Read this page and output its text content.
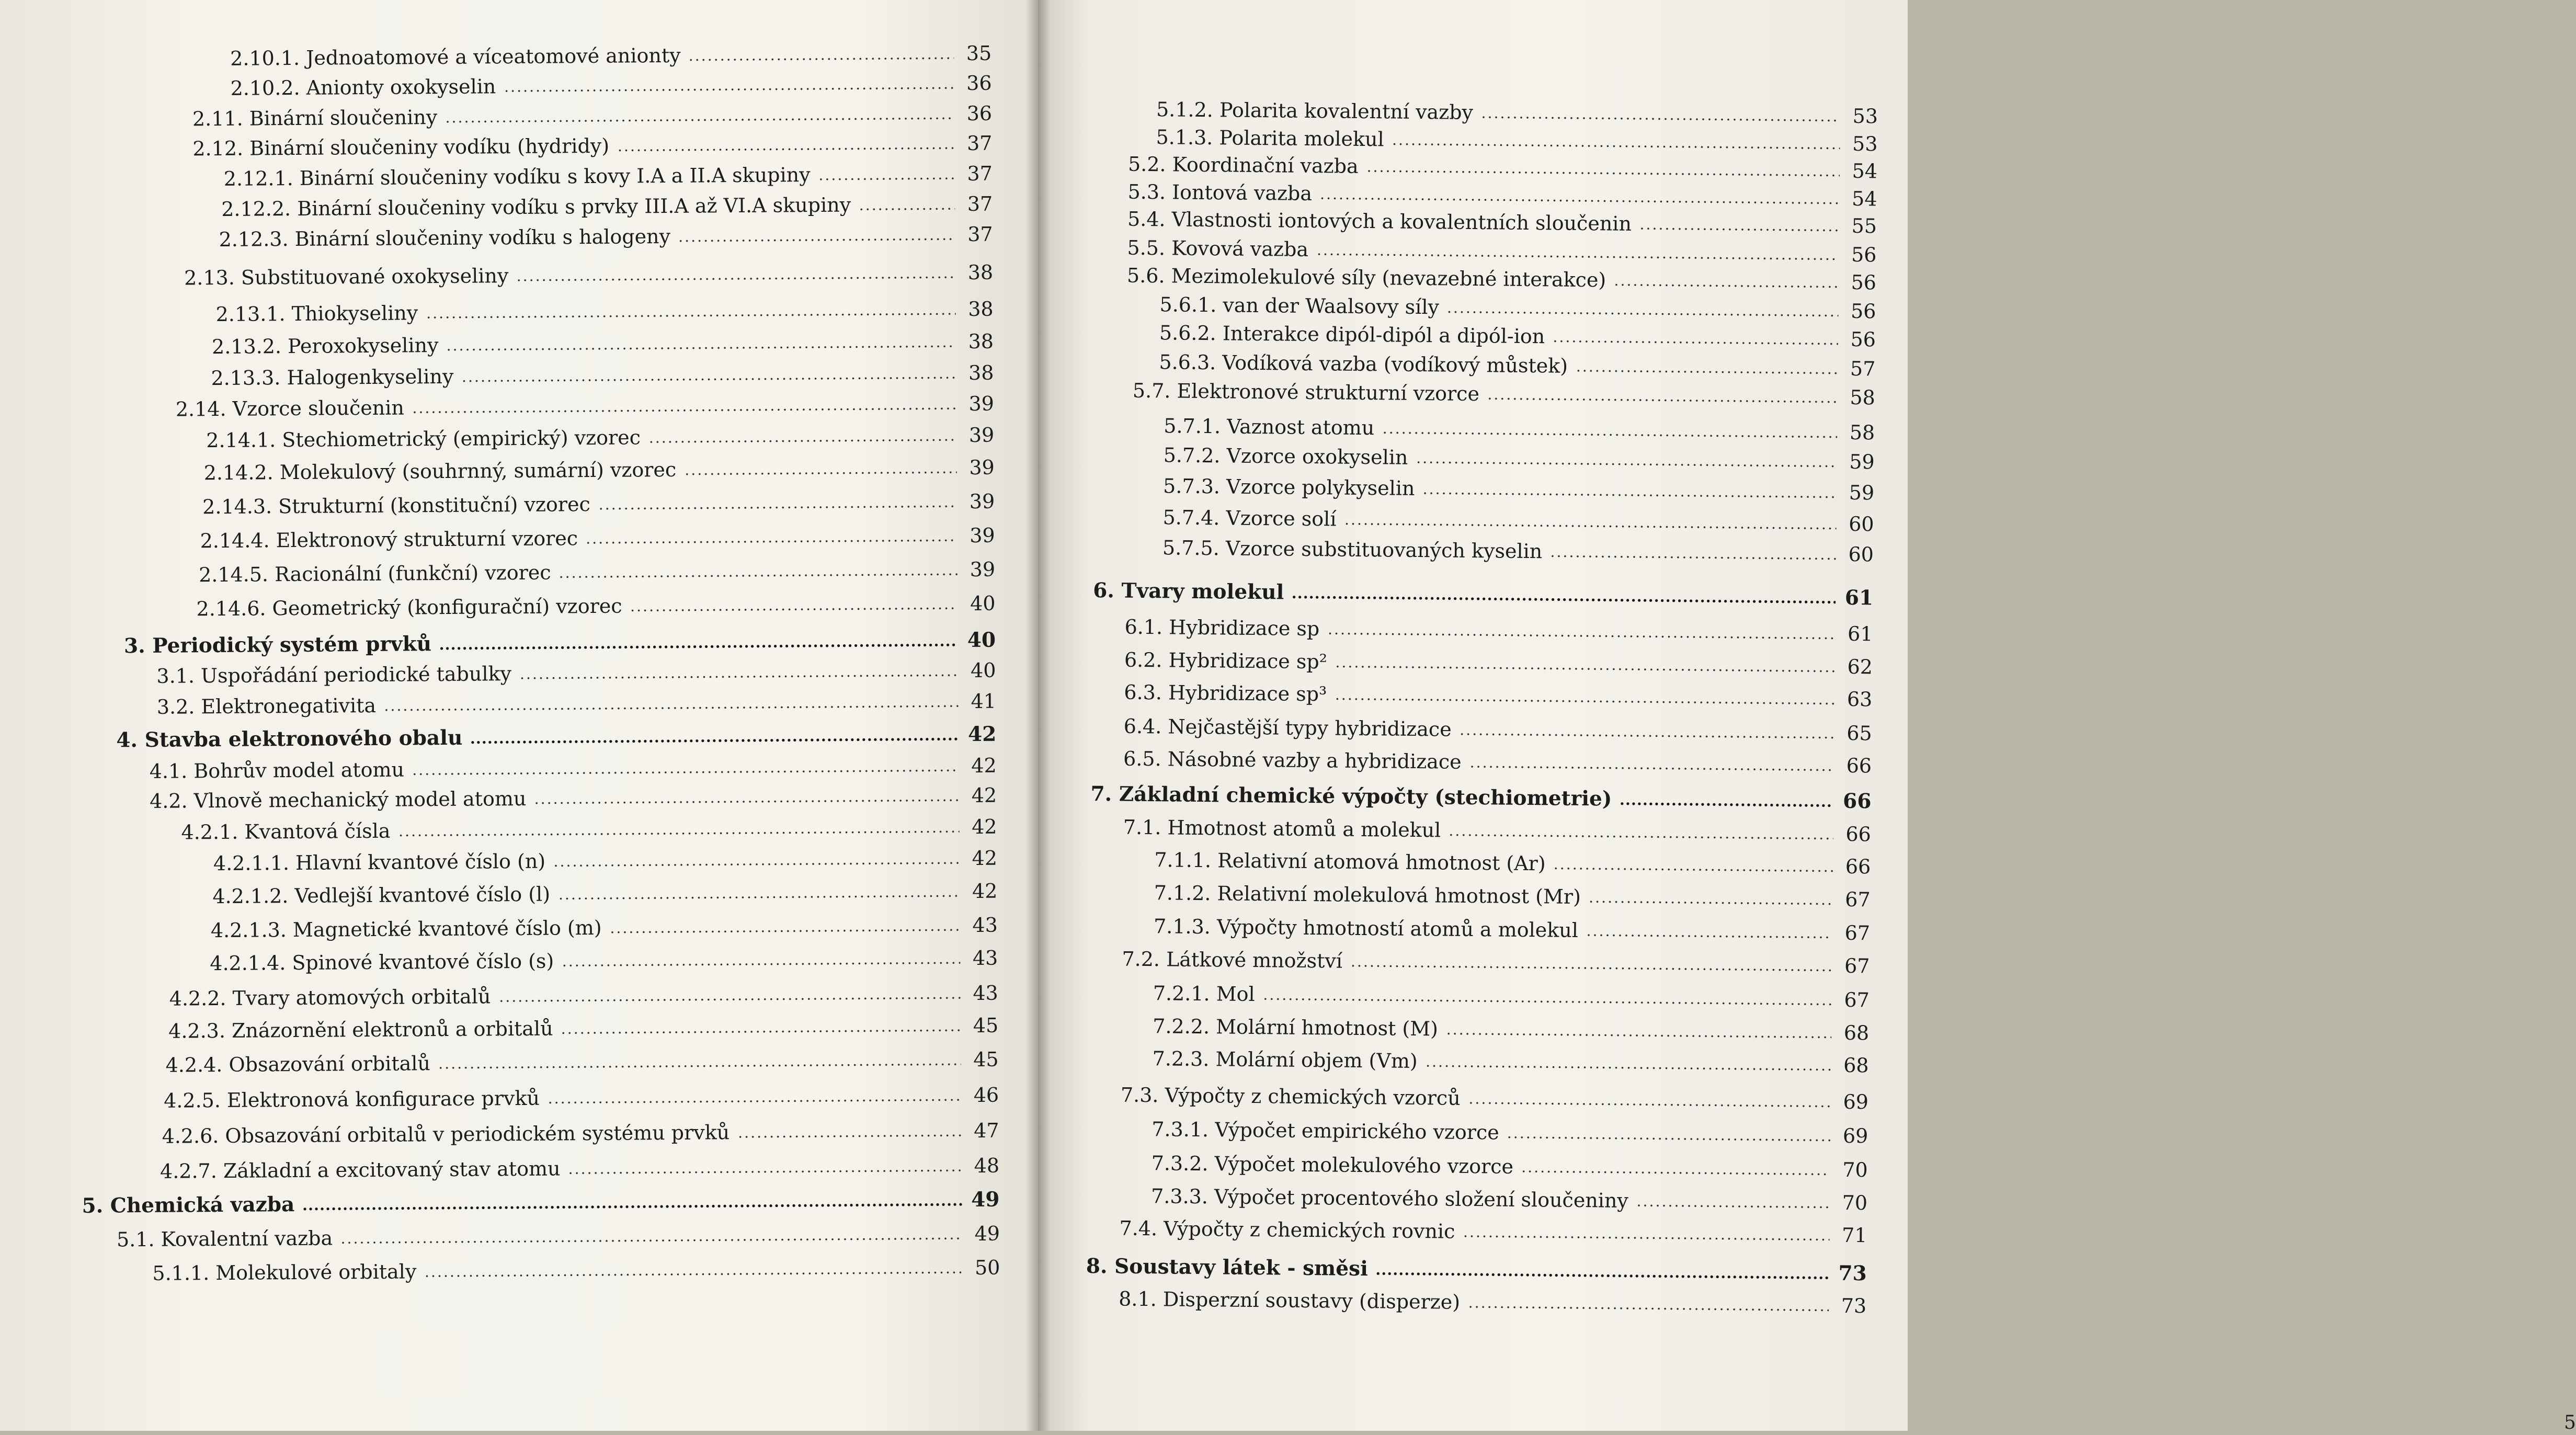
2.10.1. Jednoatomové a víceatomové anionty	35
2.10.2. Anionty oxokyselin	36
2.11. Binární sloučeniny	36
2.12. Binární sloučeniny vodíku (hydridy)	37
2.12.1. Binární sloučeniny vodíku s kovy I.A a II.A skupiny	37
2.12.2. Binární sloučeniny vodíku s prvky III.A až VI.A skupiny	37
2.12.3. Binární sloučeniny vodíku s halogeny	37
2.13. Substituované oxokyseliny	38
2.13.1. Thiokyseliny	38
2.13.2. Peroxokyseliny	38
2.13.3. Halogenkyseliny	38
2.14. Vzorce sloučenin	39
2.14.1. Stechiometrický (empirický) vzorec	39
2.14.2. Molekulový (souhrnný, sumární) vzorec	39
2.14.3. Strukturní (konstituční) vzorec	39
2.14.4. Elektronový strukturní vzorec	39
2.14.5. Racionální (funkční) vzorec	39
2.14.6. Geometrický (konfigurační) vzorec	40
3. Periodický systém prvků	40
3.1. Uspořádání periodické tabulky	40
3.2. Elektronegativita	41
4. Stavba elektronového obalu	42
4.1. Bohrův model atomu	42
4.2. Vlnově mechanický model atomu	42
4.2.1. Kvantová čísla	42
4.2.1.1. Hlavní kvantové číslo (n)	42
4.2.1.2. Vedlejší kvantové číslo (l)	42
4.2.1.3. Magnetické kvantové číslo (m)	43
4.2.1.4. Spinové kvantové číslo (s)	43
4.2.2. Tvary atomových orbitalů	43
4.2.3. Znázornění elektronů a orbitalů	45
4.2.4. Obsazování orbitalů	45
4.2.5. Elektronová konfigurace prvků	46
4.2.6. Obsazování orbitalů v periodickém systému prvků	47
4.2.7. Základní a excitovaný stav atomu	48
5. Chemická vazba	49
5.1. Kovalentní vazba	49
5.1.1. Molekulové orbitaly	50
5.1.2. Polarita kovalentní vazby	53
5.1.3. Polarita molekul	53
5.2. Koordinační vazba	54
5.3. Iontová vazba	54
5.4. Vlastnosti iontových a kovalentních sloučenin	55
5.5. Kovová vazba	56
5.6. Mezimolekulové síly (nevazebné interakce)	56
5.6.1. van der Waalsovy síly	56
5.6.2. Interakce dipól-dipól a dipól-ion	56
5.6.3. Vodíková vazba (vodíkový můstek)	57
5.7. Elektronové strukturní vzorce	58
5.7.1. Vaznost atomu	58
5.7.2. Vzorce oxokyselin	59
5.7.3. Vzorce polykyselin	59
5.7.4. Vzorce solí	60
5.7.5. Vzorce substituovaných kyselin	60
6. Tvary molekul	61
6.1. Hybridizace sp	61
6.2. Hybridizace sp²	62
6.3. Hybridizace sp³	63
6.4. Nejčastější typy hybridizace	65
6.5. Násobné vazby a hybridizace	66
7. Základní chemické výpočty (stechiometrie)	66
7.1. Hmotnost atomů a molekul	66
7.1.1. Relativní atomová hmotnost (Ar)	66
7.1.2. Relativní molekulová hmotnost (Mr)	67
7.1.3. Výpočty hmotností atomů a molekul	67
7.2. Látkové množství	67
7.2.1. Mol	67
7.2.2. Molární hmotnost (M)	68
7.2.3. Molární objem (Vm)	68
7.3. Výpočty z chemických vzorců	69
7.3.1. Výpočet empirického vzorce	69
7.3.2. Výpočet molekulového vzorce	70
7.3.3. Výpočet procentového složení sloučeniny	70
7.4. Výpočty z chemických rovnic	71
8. Soustavy látek - směsi	73
8.1. Disperzní soustavy (disperze)	73
5
